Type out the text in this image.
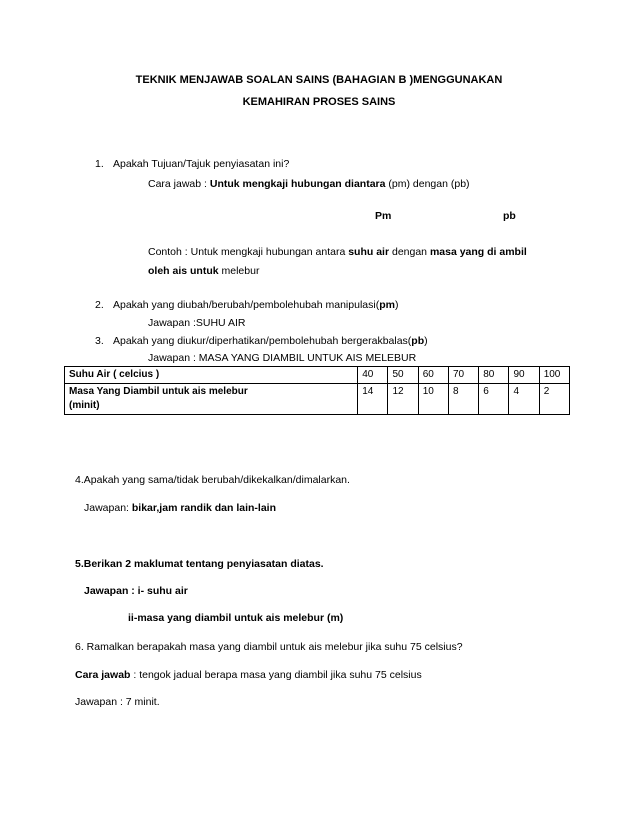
TEKNIK MENJAWAB SOALAN SAINS (BAHAGIAN B )MENGGUNAKAN
KEMAHIRAN PROSES SAINS
1. Apakah Tujuan/Tajuk penyiasatan ini?
Cara jawab : Untuk mengkaji hubungan diantara (pm) dengan (pb)
Pm	pb
Contoh : Untuk mengkaji hubungan antara suhu air dengan masa yang di ambil
oleh ais untuk melebur
2. Apakah yang diubah/berubah/pembolehubah manipulasi(pm)
Jawapan :SUHU AIR
3. Apakah yang diukur/diperhatikan/pembolehubah bergerakbalas(pb)
Jawapan : MASA YANG DIAMBIL UNTUK AIS MELEBUR
Suhu Air ( celcius )	40	50	60	70	80	90	100

Masa Yang Diambil untuk ais melebur
(minit)	14	12	10	8	6	4	2
4.Apakah yang sama/tidak berubah/dikekalkan/dimalarkan.
Jawapan: bikar,jam randik dan lain-lain
5.Berikan 2 maklumat tentang penyiasatan diatas.
Jawapan : i- suhu air
ii-masa yang diambil untuk ais melebur (m)
6. Ramalkan berapakah masa yang diambil untuk ais melebur jika suhu 75 celsius?
Cara jawab : tengok jadual berapa masa yang diambil jika suhu 75 celsius
Jawapan : 7 minit.
